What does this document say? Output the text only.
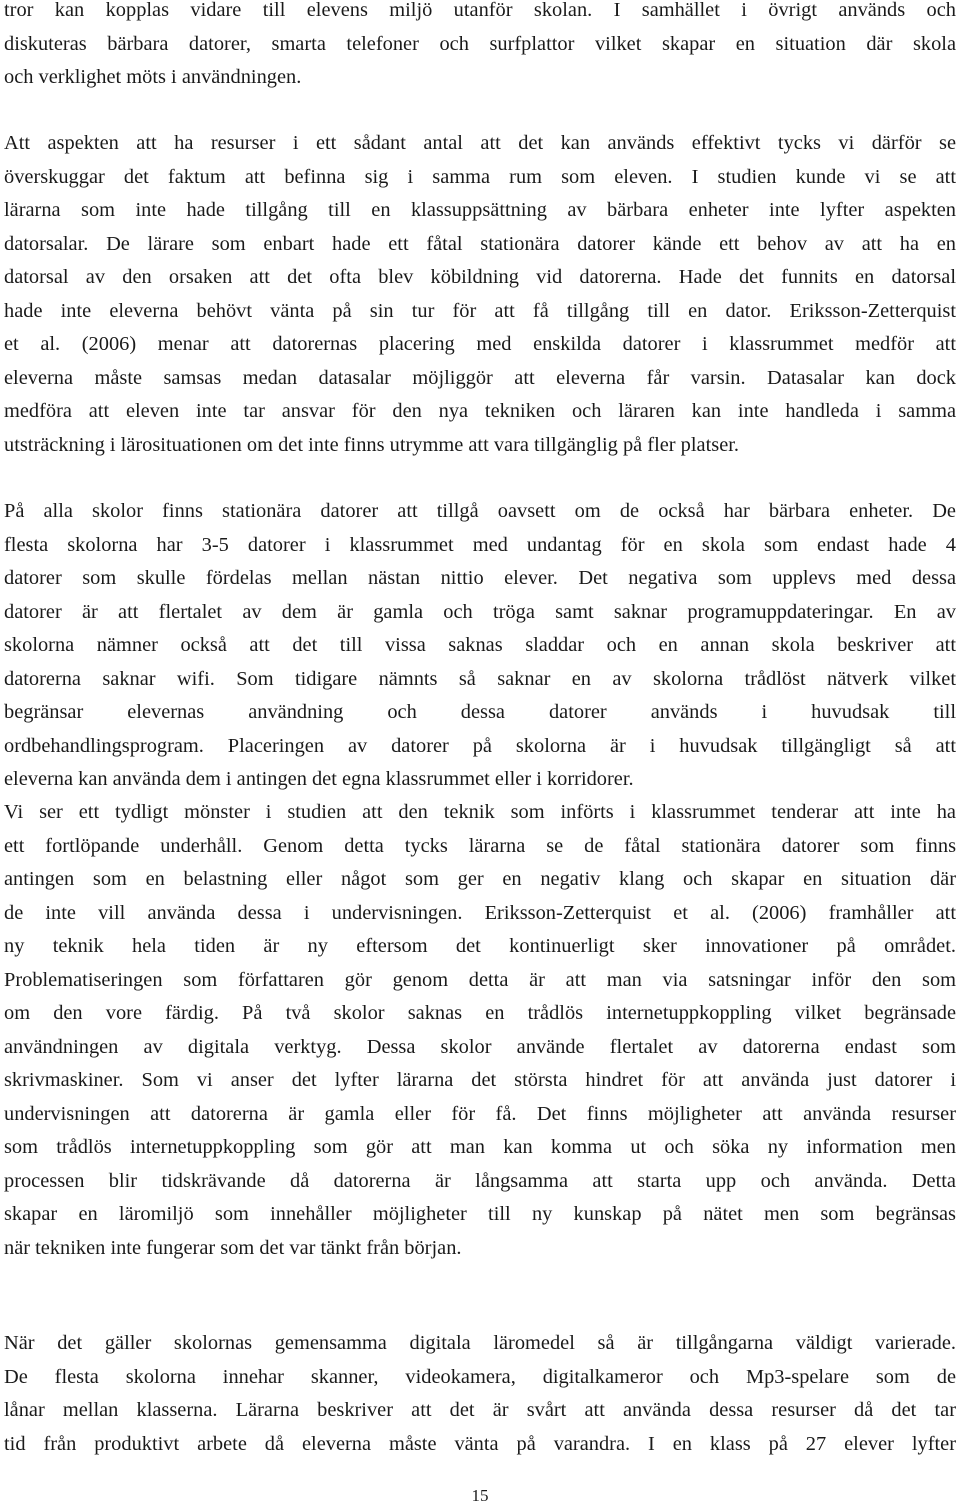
tror kan kopplas vidare till elevens miljö utanför skolan. I samhället i övrigt används och
diskuteras bärbara datorer, smarta telefoner och surfplattor vilket skapar en situation där skola
och verklighet möts i användningen.
Att aspekten att ha resurser i ett sådant antal att det kan används effektivt tycks vi därför se
överskuggar det faktum att befinna sig i samma rum som eleven. I studien kunde vi se att
lärarna som inte hade tillgång till en klassuppsättning av bärbara enheter inte lyfter aspekten
datorsalar. De lärare som enbart hade ett fåtal stationära datorer kände ett behov av att ha en
datorsal av den orsaken att det ofta blev köbildning vid datorerna. Hade det funnits en datorsal
hade inte eleverna behövt vänta på sin tur för att få tillgång till en dator. Eriksson-Zetterquist
et al. (2006) menar att datorernas placering med enskilda datorer i klassrummet medför att
eleverna måste samsas medan datasalar möjliggör att eleverna får varsin. Datasalar kan dock
medföra att eleven inte tar ansvar för den nya tekniken och läraren kan inte handleda i samma
utsträckning i lärosituationen om det inte finns utrymme att vara tillgänglig på fler platser.
På alla skolor finns stationära datorer att tillgå oavsett om de också har bärbara enheter. De
flesta skolorna har 3-5 datorer i klassrummet med undantag för en skola som endast hade 4
datorer som skulle fördelas mellan nästan nittio elever. Det negativa som upplevs med dessa
datorer är att flertalet av dem är gamla och tröga samt saknar programuppdateringar. En av
skolorna nämner också att det till vissa saknas sladdar och en annan skola beskriver att
datorerna saknar wifi. Som tidigare nämnts så saknar en av skolorna trådlöst nätverk vilket
begränsar elevernas användning och dessa datorer används i huvudsak till
ordbehandlingsprogram. Placeringen av datorer på skolorna är i huvudsak tillgängligt så att
eleverna kan använda dem i antingen det egna klassrummet eller i korridorer.
Vi ser ett tydligt mönster i studien att den teknik som införts i klassrummet tenderar att inte ha
ett fortlöpande underhåll. Genom detta tycks lärarna se de fåtal stationära datorer som finns
antingen som en belastning eller något som ger en negativ klang och skapar en situation där
de inte vill använda dessa i undervisningen. Eriksson-Zetterquist et al. (2006) framhåller att
ny teknik hela tiden är ny eftersom det kontinuerligt sker innovationer på området.
Problematiseringen som författaren gör genom detta är att man via satsningar inför den som
om den vore färdig. På två skolor saknas en trådlös internetuppkoppling vilket begränsade
användningen av digitala verktyg. Dessa skolor använde flertalet av datorerna endast som
skrivmaskiner. Som vi anser det lyfter lärarna det största hindret för att använda just datorer i
undervisningen att datorerna är gamla eller för få. Det finns möjligheter att använda resurser
som trådlös internetuppkoppling som gör att man kan komma ut och söka ny information men
processen blir tidskrävande då datorerna är långsamma att starta upp och använda. Detta
skapar en läromiljö som innehåller möjligheter till ny kunskap på nätet men som begränsas
när tekniken inte fungerar som det var tänkt från början.
När det gäller skolornas gemensamma digitala läromedel så är tillgångarna väldigt varierade.
De flesta skolorna innehar skanner, videokamera, digitalkameror och Mp3-spelare som de
lånar mellan klasserna. Lärarna beskriver att det är svårt att använda dessa resurser då det tar
tid från produktivt arbete då eleverna måste vänta på varandra. I en klass på 27 elever lyfter
15
